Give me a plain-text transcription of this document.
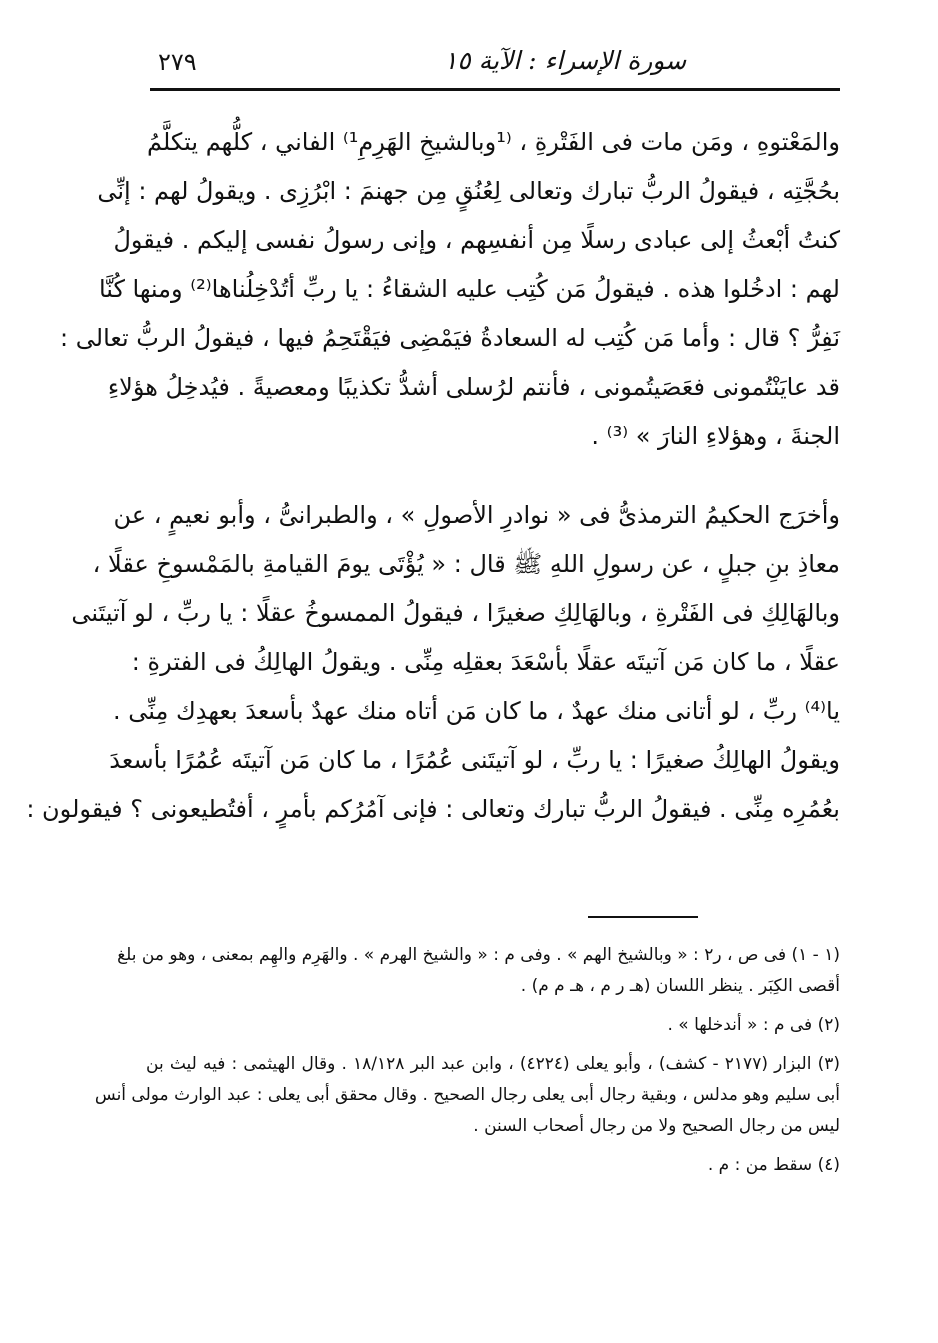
٢٧٩	سورة الإسراء : الآية ١٥
والمَعْتوهِ ، ومَن مات فى الفَتْرةِ ، ⁽¹وبالشيخِ الهَرِمِ¹⁾ الفاني ، كلُّهم يتكلَّمُ
بحُجَّتِه ، فيقولُ الربُّ تبارك وتعالى لِعُنُقٍ مِن جهنمَ : ابْرُزِى . ويقولُ لهم : إنِّى
كنتُ أبْعثُ إلى عبادى رسلًا مِن أنفسِهم ، وإنى رسولُ نفسى إليكم . فيقولُ
لهم : ادخُلوا هذه . فيقولُ مَن كُتِب عليه الشقاءُ : يا ربِّ أتُدْخِلُناها⁽²⁾ ومنها كُنَّا
نَفِرُّ ؟ قال : وأما مَن كُتِب له السعادةُ فيَمْضِى فيَقْتَحِمُ فيها ، فيقولُ الربُّ تعالى :
قد عايَنْتُمونى فعَصَيتُمونى ، فأنتم لرُسلى أشدُّ تكذيبًا ومعصيةً . فيُدخِلُ هؤلاءِ
الجنةَ ، وهؤلاءِ النارَ » ⁽³⁾ .
وأخرَج الحكيمُ الترمذىُّ فى « نوادرِ الأصولِ » ، والطبرانىُّ ، وأبو نعيمٍ ، عن
معاذِ بنِ جبلٍ ، عن رسولِ اللهِ ﷺ قال : « يُؤْتَى يومَ القيامةِ بالمَمْسوخِ عقلًا ،
وبالهَالِكِ فى الفَتْرةِ ، وبالهَالِكِ صغيرًا ، فيقولُ الممسوخُ عقلًا : يا ربِّ ، لو آتيتَنى
عقلًا ، ما كان مَن آتيتَه عقلًا بأسْعَدَ بعقلِه مِنِّى . ويقولُ الهالِكُ فى الفترةِ :
يا⁽⁴⁾ ربِّ ، لو أتانى منك عهدٌ ، ما كان مَن أتاه منك عهدٌ بأسعدَ بعهدِك مِنِّى .
ويقولُ الهالِكُ صغيرًا : يا ربِّ ، لو آتيتَنى عُمُرًا ، ما كان مَن آتيتَه عُمُرًا بأسعدَ
بعُمُرِه مِنِّى . فيقولُ الربُّ تبارك وتعالى : فإنى آمُرُكم بأمرٍ ، أفتُطيعونى ؟ فيقولون :
(١ - ١) فى ص ، ر٢ : « وبالشيخ الهم » . وفى م : « والشيخ الهرم » . والهَرِم والهِم بمعنى ، وهو من بلغ
أقصى الكِبَر . ينظر اللسان (هـ ر م ، هـ م م) .
(٢) فى م : « أندخلها » .
(٣) البزار (٢١٧٧ - كشف) ، وأبو يعلى (٤٢٢٤) ، وابن عبد البر ١٨/١٢٨ . وقال الهيثمى : فيه ليث بن
أبى سليم وهو مدلس ، وبقية رجال أبى يعلى رجال الصحيح . وقال محقق أبى يعلى : عبد الوارث مولى أنس
ليس من رجال الصحيح ولا من رجال أصحاب السنن .
(٤) سقط من : م .
